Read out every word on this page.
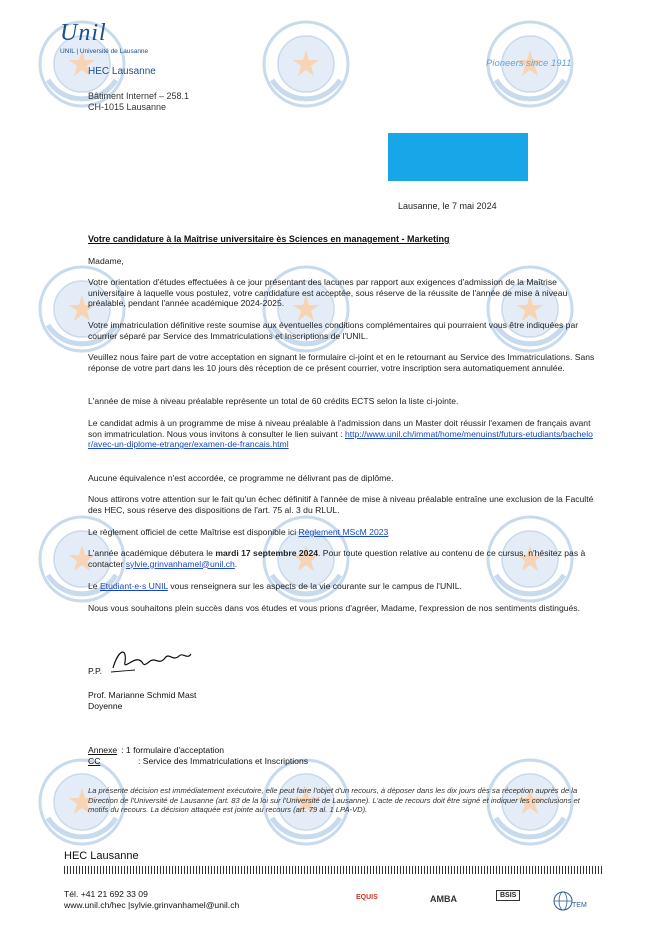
Unil
UNIL | Université de Lausanne
HEC Lausanne
Bâtiment Internef – 258.1
CH-1015 Lausanne
Pioneers since 1911
Lausanne, le 7 mai 2024
Votre candidature à la Maîtrise universitaire ès Sciences en management - Marketing
Madame,
Votre orientation d'études effectuées à ce jour présentant des lacunes par rapport aux exigences d'admission de la Maîtrise universitaire à laquelle vous postulez, votre candidature est acceptée, sous réserve de la réussite de l'année de mise à niveau préalable, pendant l'année académique 2024-2025.
Votre immatriculation définitive reste soumise aux éventuelles conditions complémentaires qui pourraient vous être indiquées par courrier séparé par Service des Immatriculations et Inscriptions de l'UNIL.
Veuillez nous faire part de votre acceptation en signant le formulaire ci-joint et en le retournant au Service des Immatriculations. Sans réponse de votre part dans les 10 jours dès réception de ce présent courrier, votre inscription sera automatiquement annulée.
L'année de mise à niveau préalable représente un total de 60 crédits ECTS selon la liste ci-jointe.
Le candidat admis à un programme de mise à niveau préalable à l'admission dans un Master doit réussir l'examen de français avant son immatriculation. Nous vous invitons à consulter le lien suivant : http://www.unil.ch/immat/home/menuinst/futurs-etudiants/bachelor/avec-un-diplome-etranger/examen-de-francais.html
Aucune équivalence n'est accordée, ce programme ne délivrant pas de diplôme.
Nous attirons votre attention sur le fait qu'un échec définitif à l'année de mise à niveau préalable entraîne une exclusion de la Faculté des HEC, sous réserve des dispositions de l'art. 75 al. 3 du RLUL.
Le règlement officiel de cette Maîtrise est disponible ici Règlement MScM 2023
L'année académique débutera le mardi 17 septembre 2024. Pour toute question relative au contenu de ce cursus, n'hésitez pas à contacter sylvie.grinvanhamel@unil.ch.
Le Etudiant·e·s UNIL vous renseignera sur les aspects de la vie courante sur le campus de l'UNIL.
Nous vous souhaitons plein succès dans vos études et vous prions d'agréer, Madame, l'expression de nos sentiments distingués.
P.P.
Prof. Marianne Schmid Mast
Doyenne
Annexe : 1 formulaire d'acceptation
CC	: Service des Immatriculations et Inscriptions
La présente décision est immédiatement exécutoire, elle peut faire l'objet d'un recours, à déposer dans les dix jours dès sa réception auprès de la Direction de l'Université de Lausanne (art. 83 de la loi sur l'Université de Lausanne). L'acte de recours doit être signé et indiquer les conclusions et motifs du recours. La décision attaquée est jointe au recours (art. 79 al. 1 LPA-VD).
HEC Lausanne
Tél. +41 21 692 33 09
www.unil.ch/hec |sylvie.grinvanhamel@unil.ch
EQUIS	AMBA	BSIS
TEM
